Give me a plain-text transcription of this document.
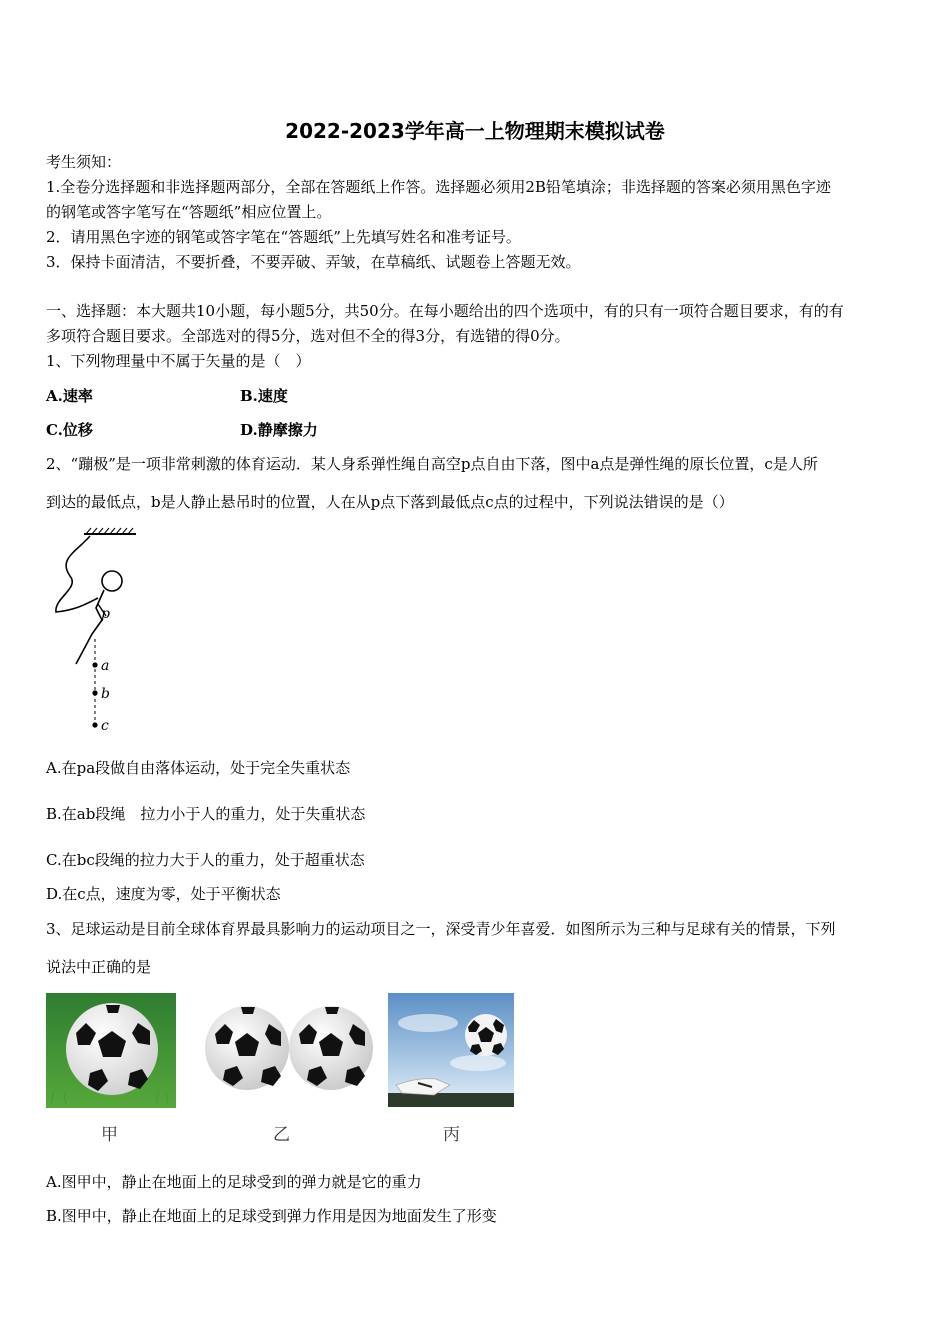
2022-2023学年高一上物理期末模拟试卷
考生须知：
1.全卷分选择题和非选择题两部分，全部在答题纸上作答。选择题必须用2B铅笔填涂；非选择题的答案必须用黑色字迹
的钢笔或答字笔写在“答题纸”相应位置上。
2．请用黑色字迹的钢笔或答字笔在“答题纸”上先填写姓名和准考证号。
3．保持卡面清洁，不要折叠，不要弄破、弄皱，在草稿纸、试题卷上答题无效。
一、选择题：本大题共10小题，每小题5分，共50分。在每小题给出的四个选项中，有的只有一项符合题目要求，有的有
多项符合题目要求。全部选对的得5分，选对但不全的得3分，有选错的得0分。
1、下列物理量中不属于矢量的是（　）
A.速率	B.速度
C.位移	D.静摩擦力
2、“蹦极”是一项非常刺激的体育运动．某人身系弹性绳自高空p点自由下落，图中a点是弹性绳的原长位置，c是人所
到达的最低点，b是人静止悬吊时的位置，人在从p点下落到最低点c点的过程中，下列说法错误的是（）
p
a
b
c
A.在pa段做自由落体运动，处于完全失重状态
B.在ab段绳　拉力小于人的重力，处于失重状态
C.在bc段绳的拉力大于人的重力，处于超重状态
D.在c点，速度为零，处于平衡状态
3、足球运动是目前全球体育界最具影响力的运动项目之一，深受青少年喜爱．如图所示为三种与足球有关的情景，下列
说法中正确的是
甲	乙	丙
A.图甲中，静止在地面上的足球受到的弹力就是它的重力
B.图甲中，静止在地面上的足球受到弹力作用是因为地面发生了形变
